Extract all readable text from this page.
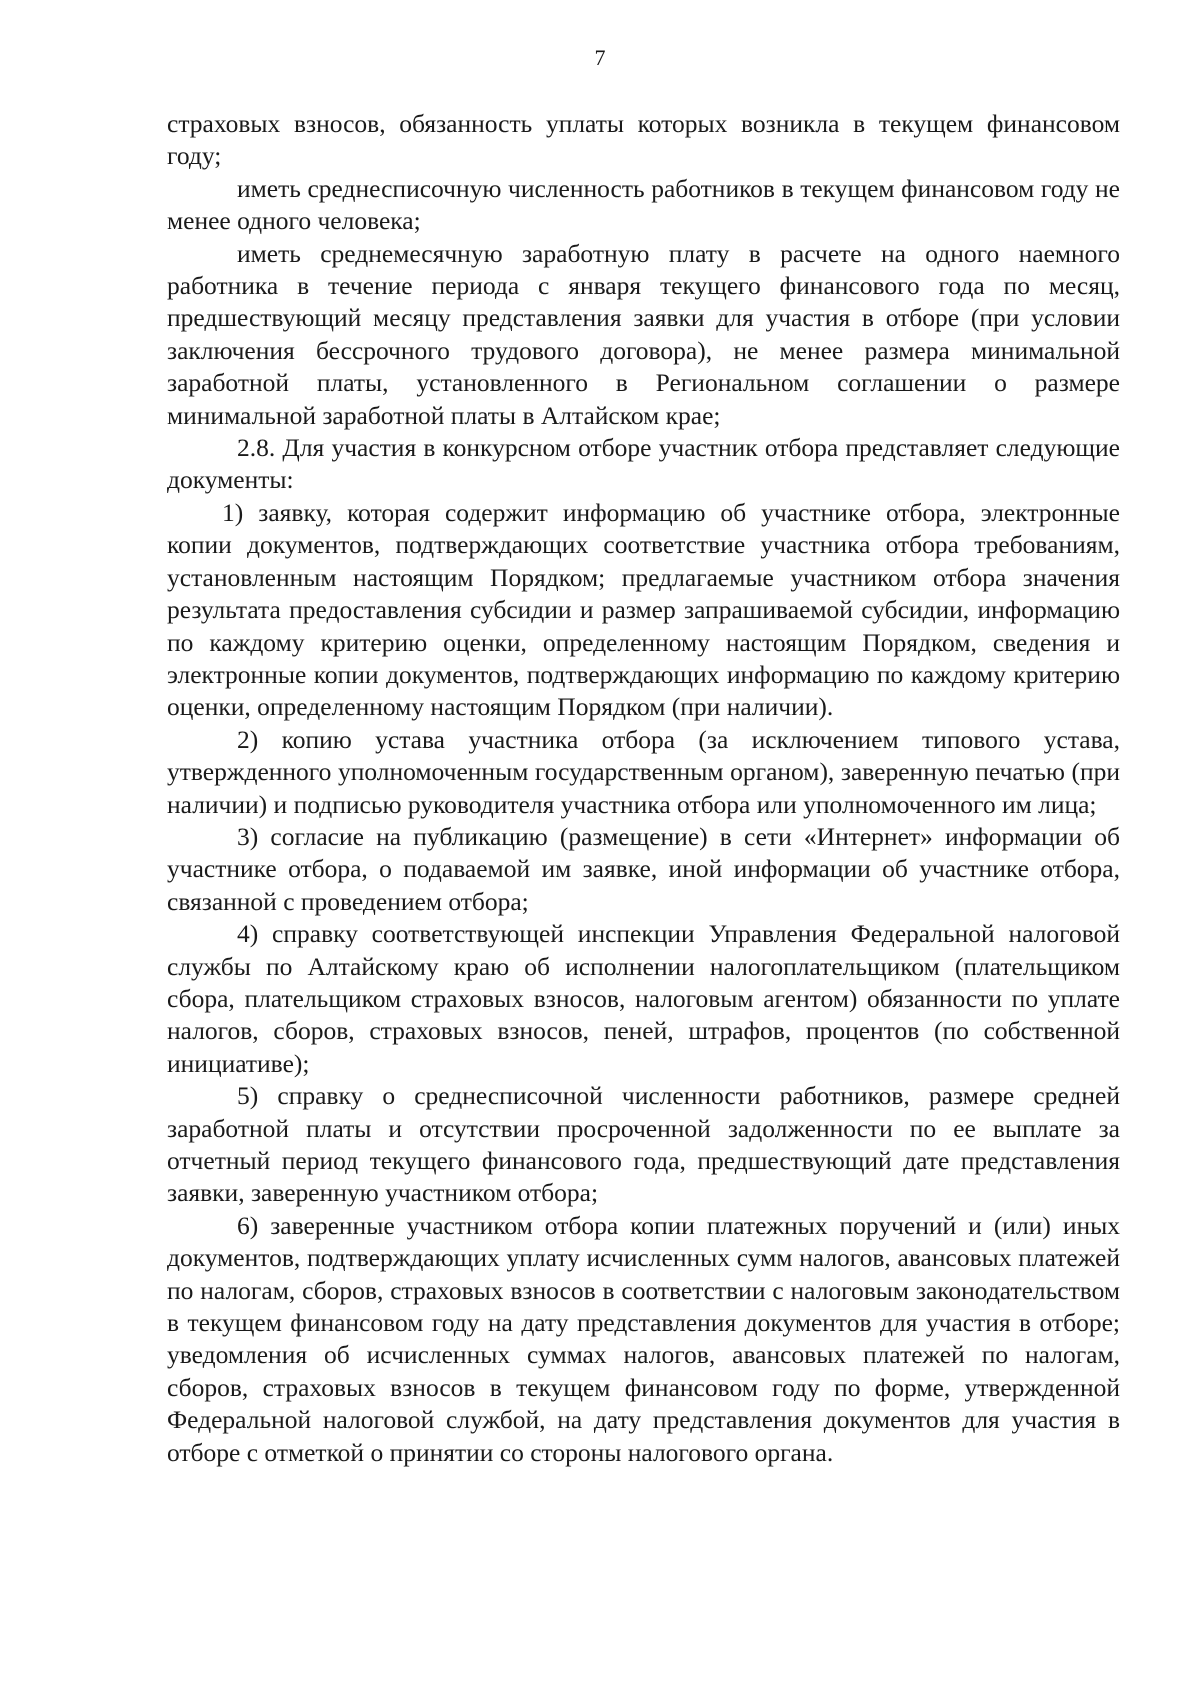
7

страховых взносов, обязанность уплаты которых возникла в текущем финансовом году;

иметь среднесписочную численность работников в текущем финансовом году не менее одного человека;

иметь среднемесячную заработную плату в расчете на одного наемного работника в течение периода с января текущего финансового года по месяц, предшествующий месяцу представления заявки для участия в отборе (при условии заключения бессрочного трудового договора), не менее размера минимальной заработной платы, установленного в Региональном соглашении о размере минимальной заработной платы в Алтайском крае;

2.8. Для участия в конкурсном отборе участник отбора представляет следующие документы:

1) заявку, которая содержит информацию об участнике отбора, электронные копии документов, подтверждающих соответствие участника отбора требованиям, установленным настоящим Порядком; предлагаемые участником отбора значения результата предоставления субсидии и размер запрашиваемой субсидии, информацию по каждому критерию оценки, определенному настоящим Порядком, сведения и электронные копии документов, подтверждающих информацию по каждому критерию оценки, определенному настоящим Порядком (при наличии).

2) копию устава участника отбора (за исключением типового устава, утвержденного уполномоченным государственным органом), заверенную печатью (при наличии) и подписью руководителя участника отбора или уполномоченного им лица;

3) согласие на публикацию (размещение) в сети «Интернет» информации об участнике отбора, о подаваемой им заявке, иной информации об участнике отбора, связанной с проведением отбора;

4) справку соответствующей инспекции Управления Федеральной налоговой службы по Алтайскому краю об исполнении налогоплательщиком (плательщиком сбора, плательщиком страховых взносов, налоговым агентом) обязанности по уплате налогов, сборов, страховых взносов, пеней, штрафов, процентов (по собственной инициативе);

5) справку о среднесписочной численности работников, размере средней заработной платы и отсутствии просроченной задолженности по ее выплате за отчетный период текущего финансового года, предшествующий дате представления заявки, заверенную участником отбора;

6) заверенные участником отбора копии платежных поручений и (или) иных документов, подтверждающих уплату исчисленных сумм налогов, авансовых платежей по налогам, сборов, страховых взносов в соответствии с налоговым законодательством в текущем финансовом году на дату представления документов для участия в отборе; уведомления об исчисленных суммах налогов, авансовых платежей по налогам, сборов, страховых взносов в текущем финансовом году по форме, утвержденной Федеральной налоговой службой, на дату представления документов для участия в отборе с отметкой о принятии со стороны налогового органа.
